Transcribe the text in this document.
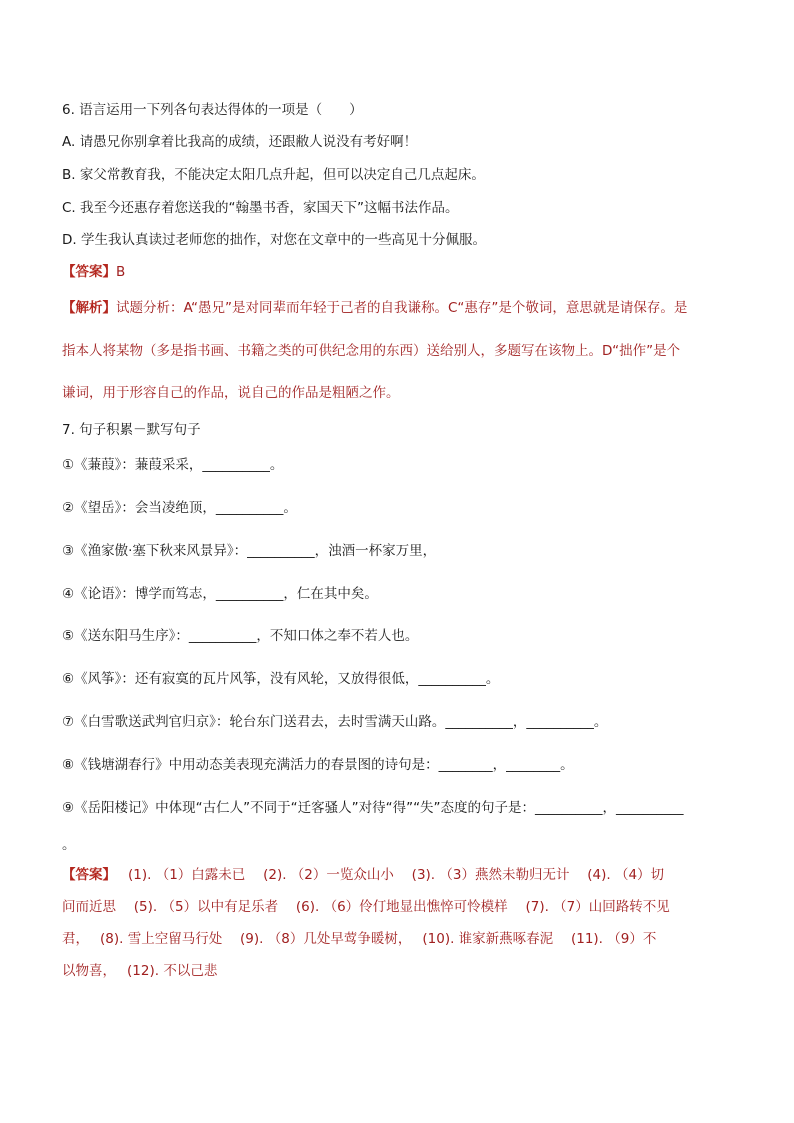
6. 语言运用一下列各句表达得体的一项是（　　）
A. 请愚兄你别拿着比我高的成绩，还跟敝人说没有考好啊！
B. 家父常教育我，不能决定太阳几点升起，但可以决定自己几点起床。
C. 我至今还惠存着您送我的“翰墨书香，家国天下”这幅书法作品。
D. 学生我认真读过老师您的拙作，对您在文章中的一些高见十分佩服。
【答案】B
【解析】试题分析：A“愚兄”是对同辈而年轻于己者的自我谦称。C“惠存”是个敬词，意思就是请保存。是
指本人将某物（多是指书画、书籍之类的可供纪念用的东西）送给别人，多题写在该物上。D“拙作”是个
谦词，用于形容自己的作品，说自己的作品是粗陋之作。
7. 句子积累－默写句子
①《蒹葭》：蒹葭采采，__________。
②《望岳》：会当凌绝顶，__________。
③《渔家傲·塞下秋来风景异》：__________，浊酒一杯家万里，
④《论语》：博学而笃志，__________，仁在其中矣。
⑤《送东阳马生序》：__________，不知口体之奉不若人也。
⑥《风筝》：还有寂寞的瓦片风筝，没有风轮，又放得很低，__________。
⑦《白雪歌送武判官归京》：轮台东门送君去，去时雪满天山路。__________，__________。
⑧《钱塘湖春行》中用动态美表现充满活力的春景图的诗句是：________，________。
⑨《岳阳楼记》中体现“古仁人”不同于“迁客骚人”对待“得”“失”态度的句子是：__________，__________
。
【答案】 (1). （1）白露未已　 (2). （2）一览众山小　 (3). （3）燕然未勒归无计　 (4). （4）切
问而近思　 (5). （5）以中有足乐者　 (6). （6）伶仃地显出憔悴可怜模样　 (7). （7）山回路转不见
君，　 (8). 雪上空留马行处　 (9). （8）几处早莺争暖树，　 (10). 谁家新燕啄春泥　 (11). （9）不
以物喜，　 (12). 不以己悲
